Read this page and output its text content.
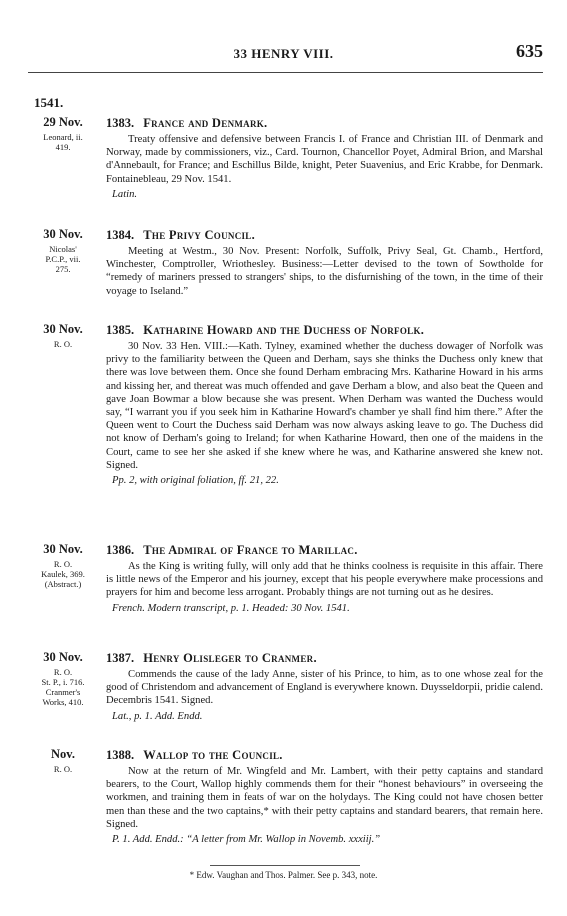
33 HENRY VIII.	635
1541.
29 Nov.
Leonard, ii.
419.
1383. France and Denmark.
Treaty offensive and defensive between Francis I. of France and Christian III. of Denmark and Norway, made by commissioners, viz., Card. Tournon, Chancellor Poyet, Admiral Brion, and Marshal d'Annebault, for France; and Eschillus Bilde, knight, Peter Suavenius, and Eric Krabbe, for Denmark. Fontainebleau, 29 Nov. 1541.
Latin.
30 Nov.
Nicolas'
P.C.P., vii.
275.
1384. The Privy Council.
Meeting at Westm., 30 Nov. Present: Norfolk, Suffolk, Privy Seal, Gt. Chamb., Hertford, Winchester, Comptroller, Wriothesley. Business:—Letter devised to the town of Sowtholde for “remedy of mariners pressed to strangers' ships, to the disfurnishing of the town, in the time of their voyage to Iseland.”
30 Nov.
R. O.
1385. Katharine Howard and the Duchess of Norfolk.
30 Nov. 33 Hen. VIII.:—Kath. Tylney, examined whether the duchess dowager of Norfolk was privy to the familiarity between the Queen and Derham, says she thinks the Duchess only knew that there was love between them. Once she found Derham embracing Mrs. Katharine Howard in his arms and kissing her, and thereat was much offended and gave Derham a blow, and also beat the Queen and gave Joan Bowmar a blow because she was present. When Derham was wanted the Duchess would say, “I warrant you if you seek him in Katharine Howard's chamber ye shall find him there.” After the Queen went to Court the Duchess said Derham was now always asking leave to go. The Duchess did not know of Derham's going to Ireland; for when Katharine Howard, then one of the maidens in the Court, came to see her she asked if she knew where he was, and Katharine answered she knew not. Signed.
Pp. 2, with original foliation, ff. 21, 22.
30 Nov.
R. O.
Kaulek, 369.
(Abstract.)
1386. The Admiral of France to Marillac.
As the King is writing fully, will only add that he thinks coolness is requisite in this affair. There is little news of the Emperor and his journey, except that his people everywhere make processions and prayers for him and become less arrogant. Probably things are not turning out as he desires.
French. Modern transcript, p. 1. Headed: 30 Nov. 1541.
30 Nov.
R. O.
St. P., i. 716.
Cranmer's
Works, 410.
1387. Henry Olisleger to Cranmer.
Commends the cause of the lady Anne, sister of his Prince, to him, as to one whose zeal for the good of Christendom and advancement of England is everywhere known. Duysseldorpii, pridie calend. Decembris 1541. Signed.
Lat., p. 1. Add. Endd.
Nov.
R. O.
1388. Wallop to the Council.
Now at the return of Mr. Wingfeld and Mr. Lambert, with their petty captains and standard bearers, to the Court, Wallop highly commends them for their “honest behaviours” in overseeing the workmen, and training them in feats of war on the holydays. The King could not have chosen better men than these and the two captains,* with their petty captains and standard bearers, that remain here. Signed.
P. 1. Add. Endd.: “A letter from Mr. Wallop in Novemb. xxxiij.”
* Edw. Vaughan and Thos. Palmer. See p. 343, note.
